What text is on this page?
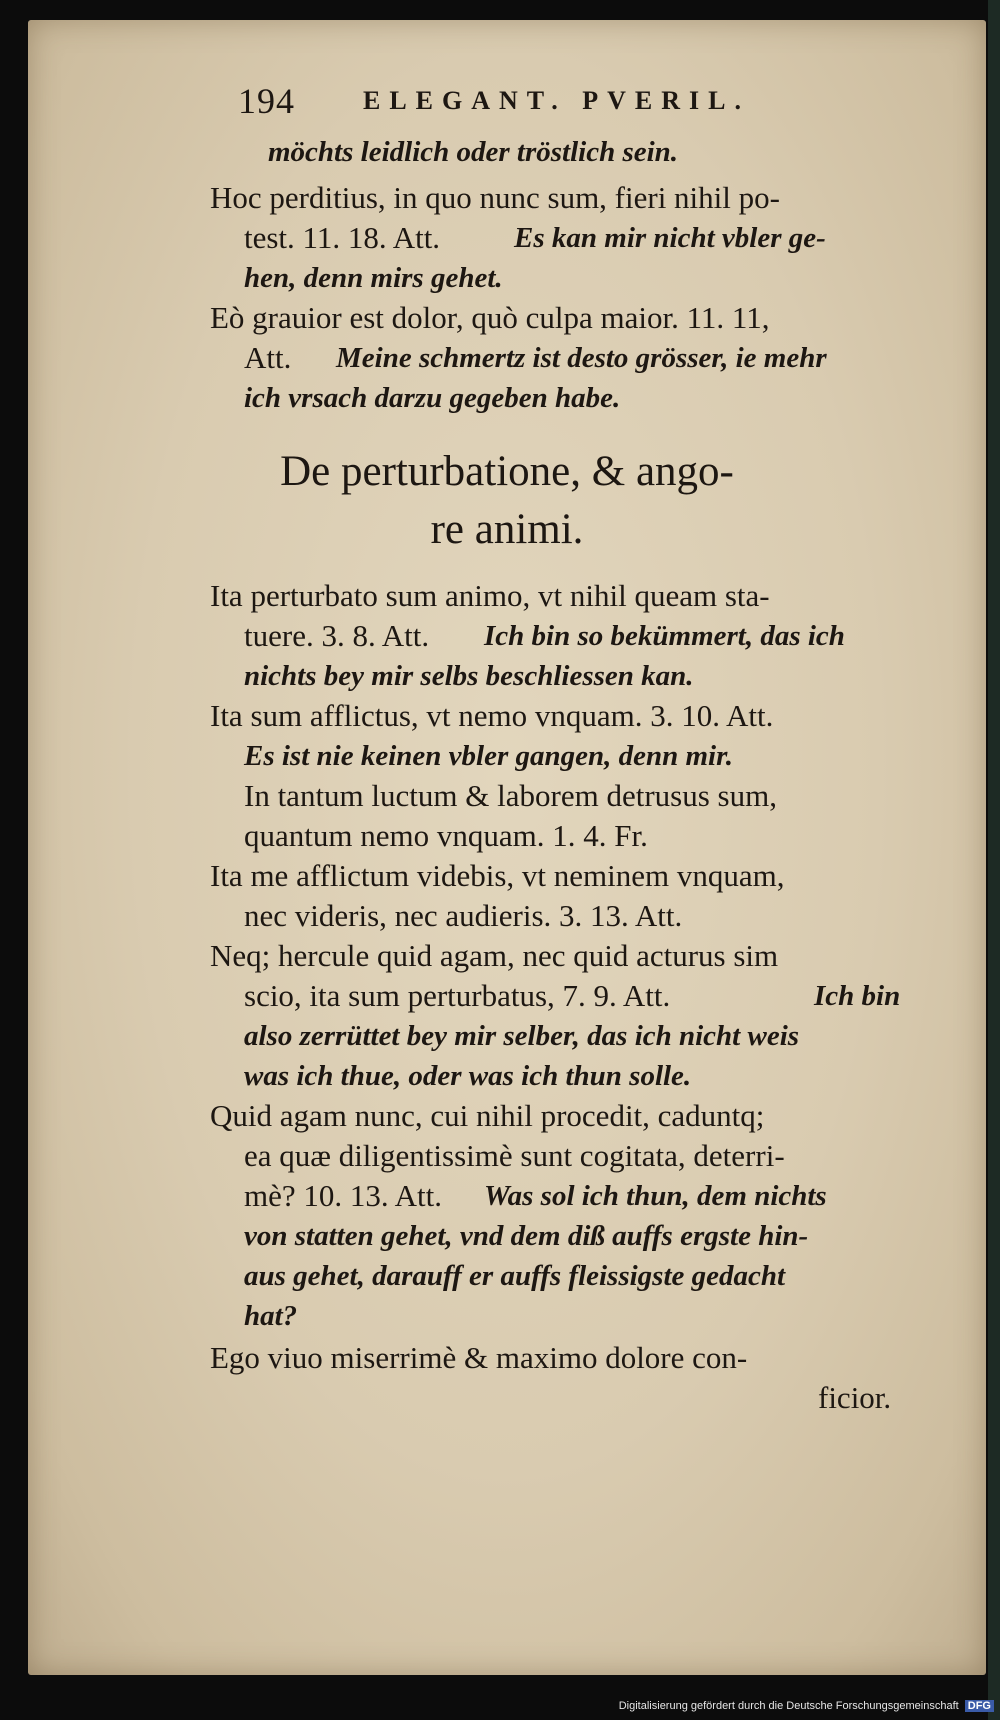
194	ELEGANT. PVERIL.
möchts leidlich oder tröstlich sein.
Hoc perditius, in quo nunc sum, fieri nihil po-
test. 11. 18. Att.	Es kan mir nicht vbler ge-
hen, denn mirs gehet.
Eò grauior est dolor, quò culpa maior. 11. 11,
Att. Meine schmertz ist desto grösser, ie mehr
ich vrsach darzu gegeben habe.
De perturbatione, & ango-
re animi.
Ita perturbato sum animo, vt nihil queam sta-
tuere. 3. 8. Att. Ich bin so bekümmert, das ich
nichts bey mir selbs beschliessen kan.
Ita sum afflictus, vt nemo vnquam. 3. 10. Att.
Es ist nie keinen vbler gangen, denn mir.
In tantum luctum & laborem detrusus sum,
quantum nemo vnquam. 1. 4. Fr.
Ita me afflictum videbis, vt neminem vnquam,
nec videris, nec audieris. 3. 13. Att.
Neq; hercule quid agam, nec quid acturus sim
scio, ita sum perturbatus, 7. 9. Att.	Ich bin
also zerrüttet bey mir selber, das ich nicht weis
was ich thue, oder was ich thun solle.
Quid agam nunc, cui nihil procedit, caduntq;
ea quæ diligentissimè sunt cogitata, deterri-
mè? 10. 13. Att. Was sol ich thun, dem nichts
von statten gehet, vnd dem diß auffs ergste hin-
aus gehet, darauff er auffs fleissigste gedacht
hat?
Ego viuo miserrimè & maximo dolore con-
ficior.
Digitalisierung gefördert durch die Deutsche Forschungsgemeinschaft DFG
